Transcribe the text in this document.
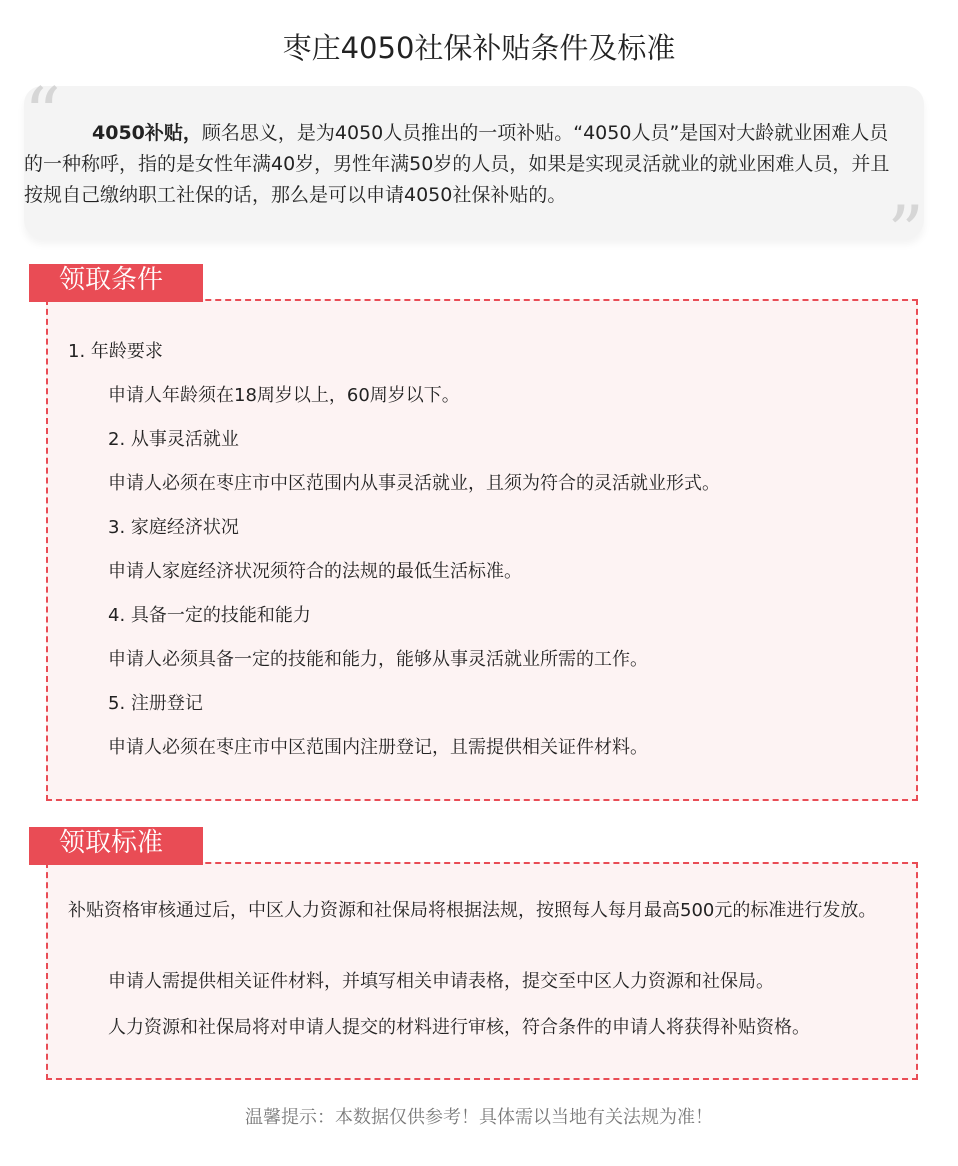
枣庄4050社保补贴条件及标准
“	4050补贴，顾名思义，是为4050人员推出的一项补贴。“4050人员”是国对大龄就业困难人员的一种称呼，指的是女性年满40岁，男性年满50岁的人员，如果是实现灵活就业的就业困难人员，并且按规自己缴纳职工社保的话，那么是可以申请4050社保补贴的。	”
1. 年龄要求
申请人年龄须在18周岁以上，60周岁以下。
2. 从事灵活就业
申请人必须在枣庄市中区范围内从事灵活就业，且须为符合的灵活就业形式。
3. 家庭经济状况
申请人家庭经济状况须符合的法规的最低生活标准。
4. 具备一定的技能和能力
申请人必须具备一定的技能和能力，能够从事灵活就业所需的工作。
5. 注册登记
申请人必须在枣庄市中区范围内注册登记，且需提供相关证件材料。
领取条件
补贴资格审核通过后，中区人力资源和社保局将根据法规，按照每人每月最高500元的标准进行发放。
申请人需提供相关证件材料，并填写相关申请表格，提交至中区人力资源和社保局。
人力资源和社保局将对申请人提交的材料进行审核，符合条件的申请人将获得补贴资格。
领取标准
温馨提示：本数据仅供参考！具体需以当地有关法规为准！
